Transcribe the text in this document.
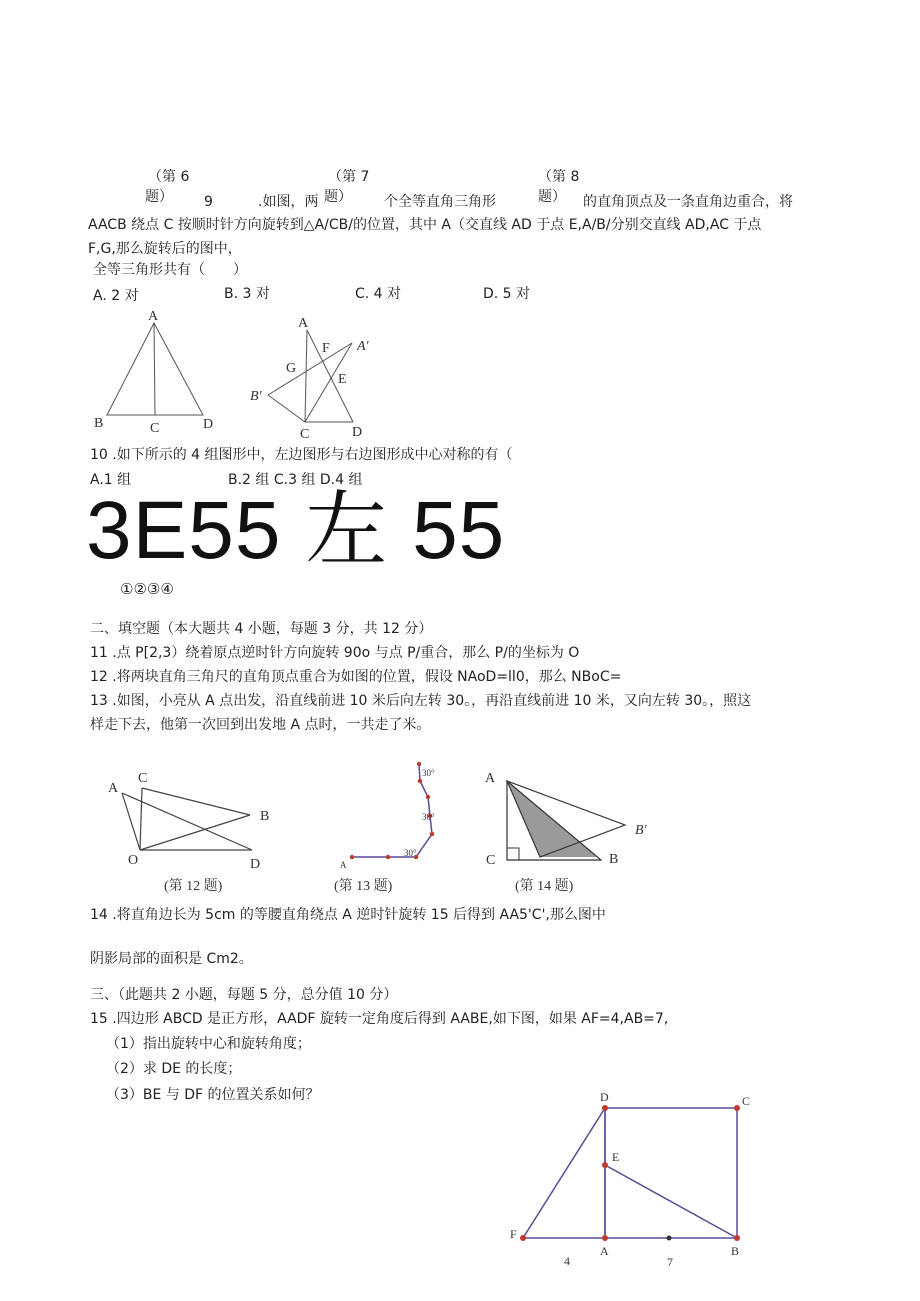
（第 6
题）
（第 7
题）
（第 8
题）
9	.如图，两	个全等直角三角形	的直角顶点及一条直角边重合，将
AACB 绕点 C 按顺时针方向旋转到△A/CB/的位置，其中 A（交直线 AD 于点 E,A/B/分别交直线 AD,AC 于点
F,G,那么旋转后的图中，
全等三角形共有（　　）
A. 2 对	B. 3 对	C. 4 对	D. 5 对
A
B	C	D
A
F A′
G
E
B′
C	D
10 .如下所示的 4 组图形中，左边图形与右边图形成中心对称的有（
A.1 组	B.2 组 C.3 组 D.4 组
3E55 左 55
①②③④
二、填空题（本大题共 4 小题，每题 3 分，共 12 分）
11 .点 P[2,3）绕着原点逆时针方向旋转 90o 与点 P/重合，那么 P/的坐标为 O
12 .将两块直角三角尺的直角顶点重合为如图的位置，假设 NAoD=ll0，那么 NBoC=
13 .如图，小亮从 A 点出发，沿直线前进 10 米后向左转 30。，再沿直线前进 10 米，又向左转 30。，照这
样走下去，他第一次回到出发地 A 点时，一共走了米。
A
C
B
O	D
(第 12 题)
A
30°
30°
30°
(第 13 题)
A
B′
C	B
(第 14 题)
14 .将直角边长为 5cm 的等腰直角绕点 A 逆时针旋转 15 后得到 AA5'C',那么图中
阴影局部的面积是 Cm2。
三、（此题共 2 小题，每题 5 分，总分值 10 分）
15 .四边形 ABCD 是正方形，AADF 旋转一定角度后得到 AABE,如下图，如果 AF=4,AB=7,
（1）指出旋转中心和旋转角度；
（2）求 DE 的长度；
（3）BE 与 DF 的位置关系如何？	D	C
E
F
A	B
4	7
